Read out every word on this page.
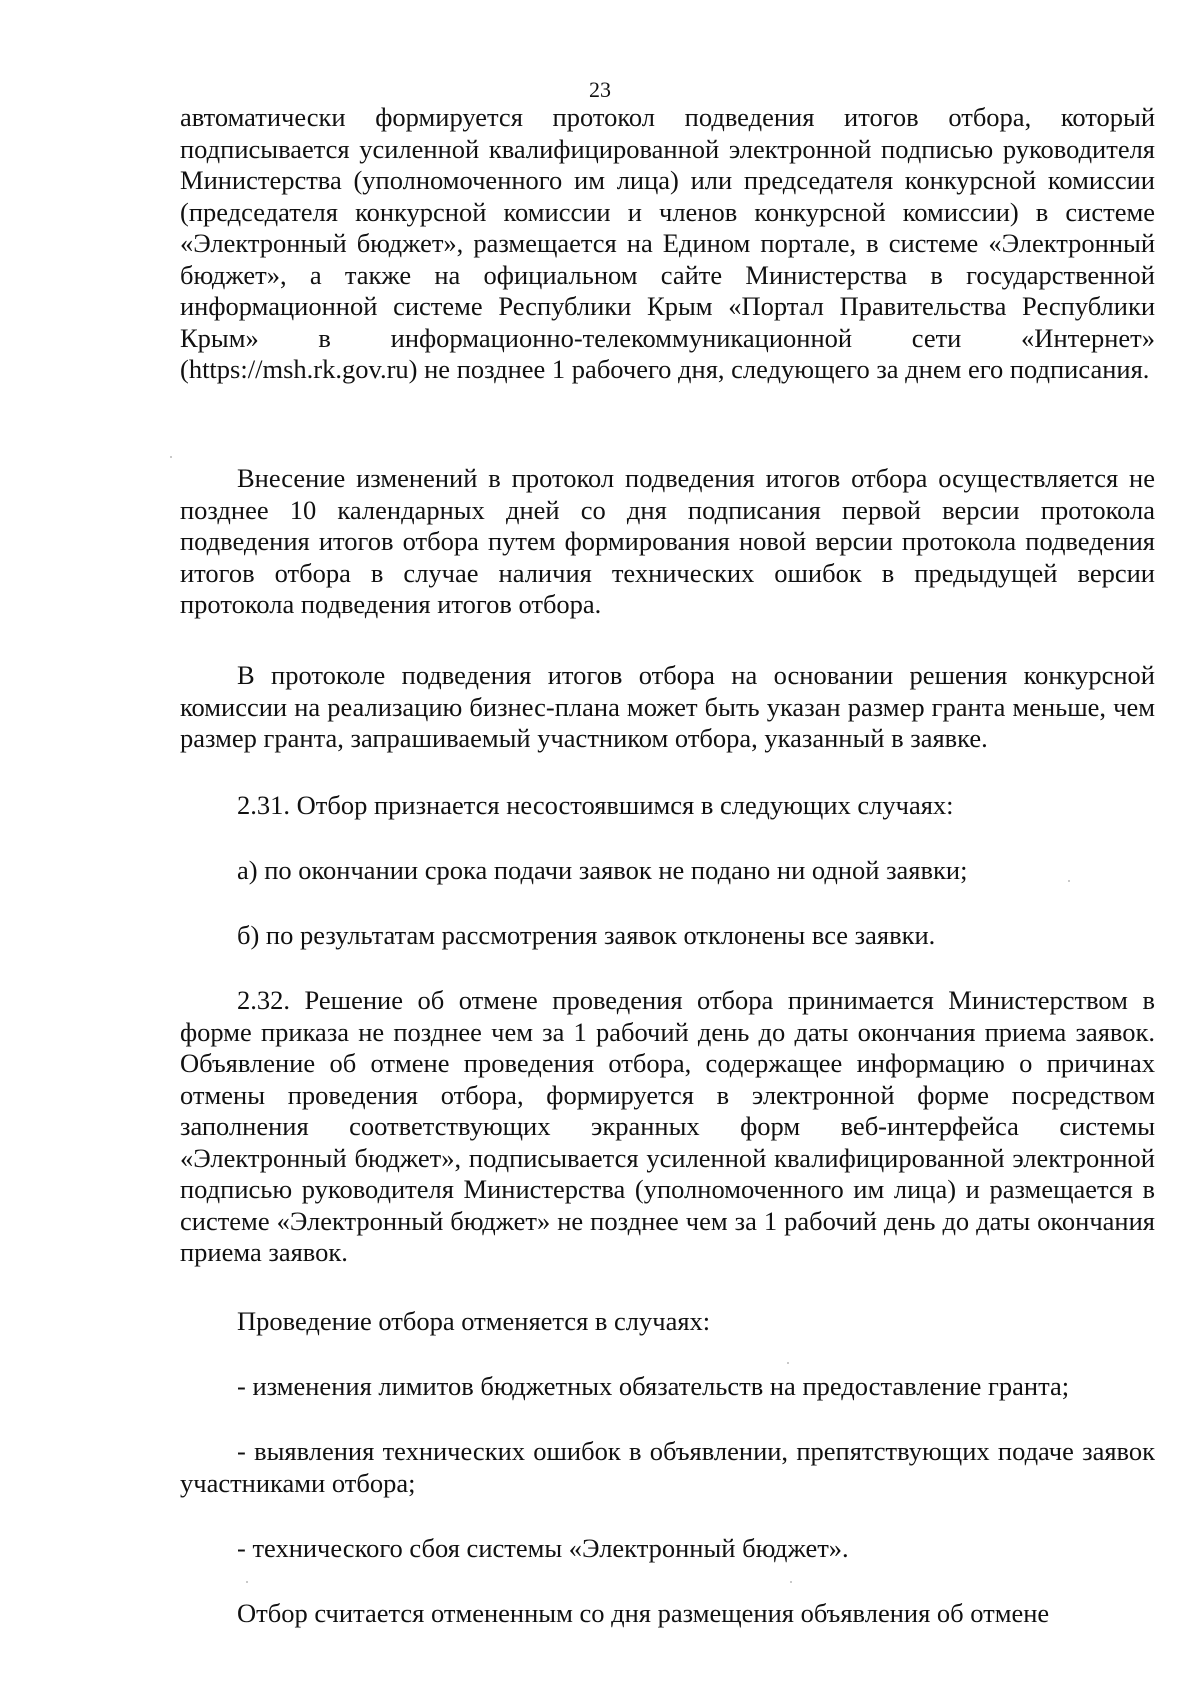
23

автоматически формируется протокол подведения итогов отбора, который подписывается усиленной квалифицированной электронной подписью руководителя Министерства (уполномоченного им лица) или председателя конкурсной комиссии (председателя конкурсной комиссии и членов конкурсной комиссии) в системе «Электронный бюджет», размещается на Едином портале, в системе «Электронный бюджет», а также на официальном сайте Министерства в государственной информационной системе Республики Крым «Портал Правительства Республики Крым» в информационно-телекоммуникационной сети «Интернет» (https://msh.rk.gov.ru) не позднее 1 рабочего дня, следующего за днем его подписания.

Внесение изменений в протокол подведения итогов отбора осуществляется не позднее 10 календарных дней со дня подписания первой версии протокола подведения итогов отбора путем формирования новой версии протокола подведения итогов отбора в случае наличия технических ошибок в предыдущей версии протокола подведения итогов отбора.

В протоколе подведения итогов отбора на основании решения конкурсной комиссии на реализацию бизнес-плана может быть указан размер гранта меньше, чем размер гранта, запрашиваемый участником отбора, указанный в заявке.

2.31. Отбор признается несостоявшимся в следующих случаях:

а) по окончании срока подачи заявок не подано ни одной заявки;

б) по результатам рассмотрения заявок отклонены все заявки.

2.32. Решение об отмене проведения отбора принимается Министерством в форме приказа не позднее чем за 1 рабочий день до даты окончания приема заявок. Объявление об отмене проведения отбора, содержащее информацию о причинах отмены проведения отбора, формируется в электронной форме посредством заполнения соответствующих экранных форм веб-интерфейса системы «Электронный бюджет», подписывается усиленной квалифицированной электронной подписью руководителя Министерства (уполномоченного им лица) и размещается в системе «Электронный бюджет» не позднее чем за 1 рабочий день до даты окончания приема заявок.

Проведение отбора отменяется в случаях:

- изменения лимитов бюджетных обязательств на предоставление гранта;

- выявления технических ошибок в объявлении, препятствующих подаче заявок участниками отбора;

- технического сбоя системы «Электронный бюджет».

Отбор считается отмененным со дня размещения объявления об отмене
